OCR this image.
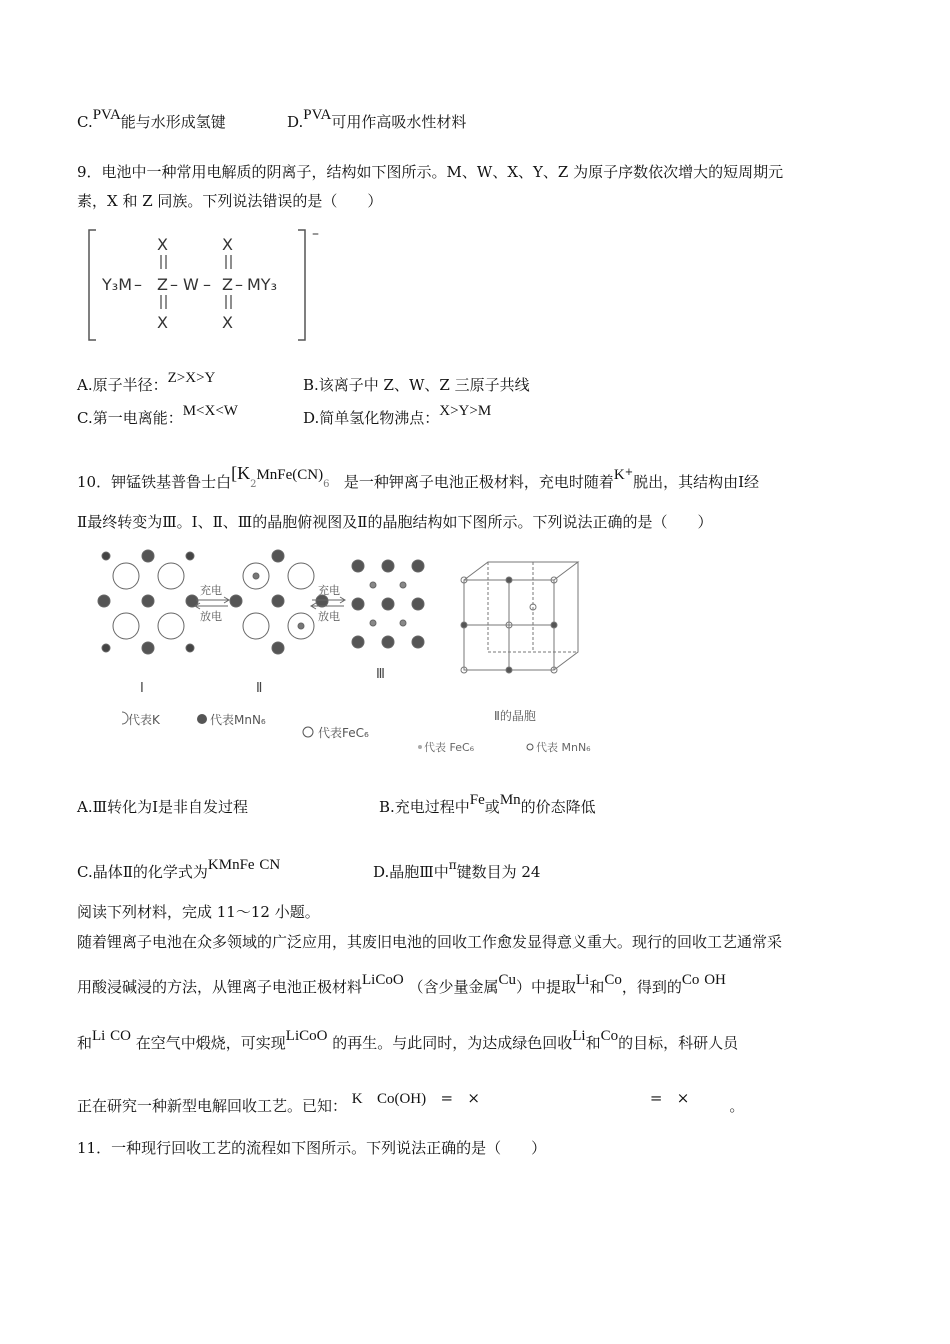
C.PVA能与水形成氢键	D.PVA可用作高吸水性材料
9．电池中一种常用电解质的阴离子，结构如下图所示。M、W、X、Y、Z 为原子序数依次增大的短周期元
素，X 和 Z 同族。下列说法错误的是（　　）
–
Y₃M – Z – W – Z – MY₃
X	X
X	X
A.原子半径：Z>X>Y	B.该离子中 Z、W、Z 三原子共线
C.第一电离能：M<X<W	D.简单氢化物沸点：X>Y>M
10．钾锰铁基普鲁士白[K2MnFe(CN)6 是一种钾离子电池正极材料，充电时随着K+脱出，其结构由Ⅰ经
Ⅱ最终转变为Ⅲ。Ⅰ、Ⅱ、Ⅲ的晶胞俯视图及Ⅱ的晶胞结构如下图所示。下列说法正确的是（　　）
Ⅰ
充电
放电
Ⅱ
充电
放电
Ⅲ
Ⅱ的晶胞
代表K	代表MnN₆
代表FeC₆
代表 FeC₆	代表 MnN₆
A.Ⅲ转化为Ⅰ是非自发过程	B.充电过程中Fe或Mn的价态降低
C.晶体Ⅱ的化学式为KMnFe CN	D.晶胞Ⅲ中$^\pi$键数目为 24
阅读下列材料，完成 11～12 小题。
随着锂离子电池在众多领域的广泛应用，其废旧电池的回收工作愈发显得意义重大。现行的回收工艺通常采
用酸浸碱浸的方法，从锂离子电池正极材料LiCoO （含少量金属Cu）中提取Li和Co，得到的Co OH
和Li CO 在空气中煅烧，可实现LiCoO 的再生。与此同时，为达成绿色回收Li和Co的目标，科研人员
正在研究一种新型电解回收工艺。已知： K Co(OH) = ×	= ×	。
11．一种现行回收工艺的流程如下图所示。下列说法正确的是（　　）
